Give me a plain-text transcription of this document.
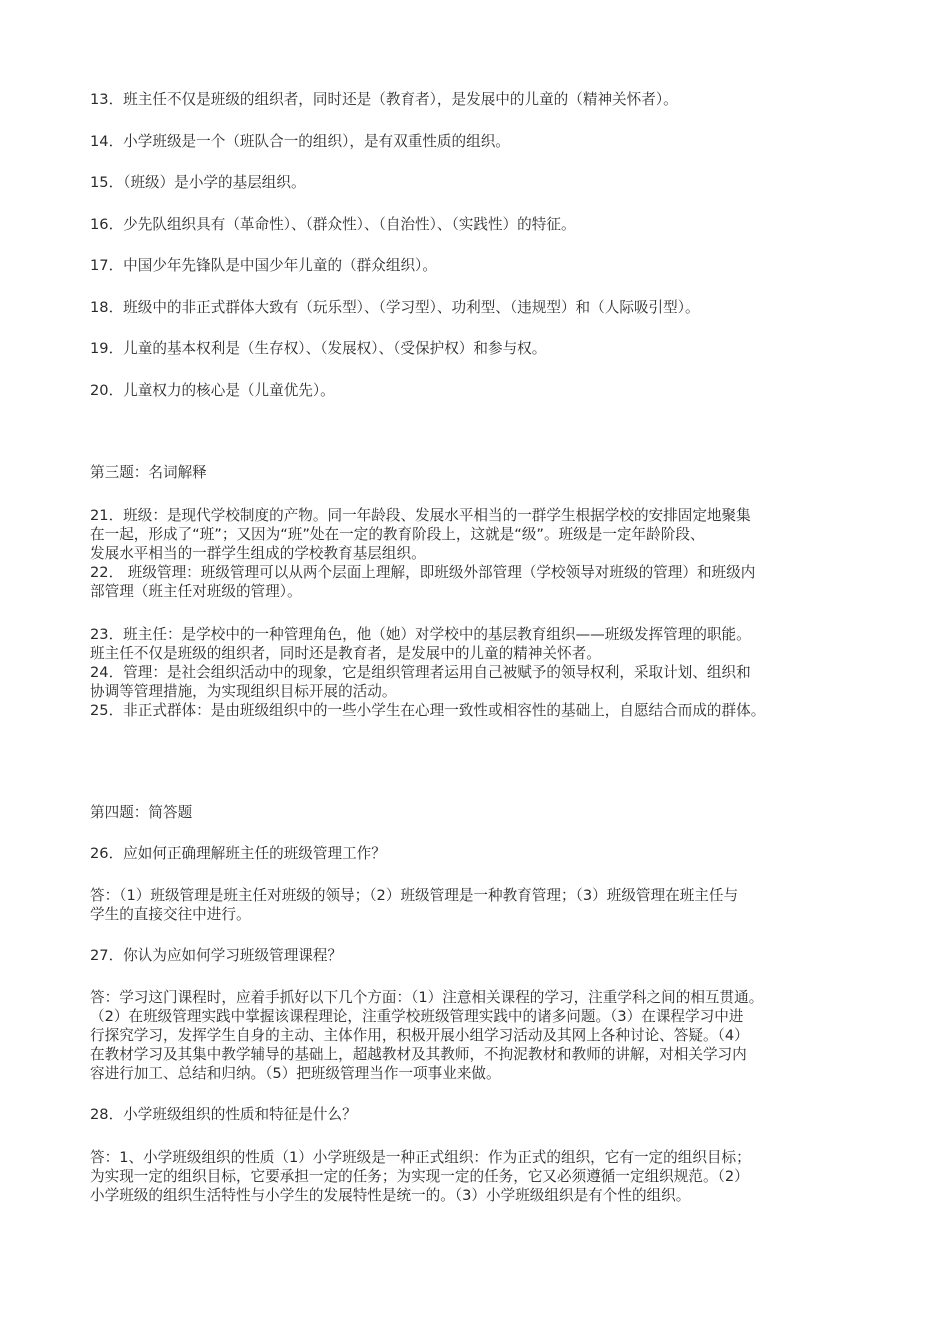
13．班主任不仅是班级的组织者，同时还是（教育者），是发展中的儿童的（精神关怀者）。
14．小学班级是一个（班队合一的组织），是有双重性质的组织。
15．（班级）是小学的基层组织。
16．少先队组织具有（革命性）、（群众性）、（自治性）、（实践性）的特征。
17．中国少年先锋队是中国少年儿童的（群众组织）。
18．班级中的非正式群体大致有（玩乐型）、（学习型）、功利型、（违规型）和（人际吸引型）。
19．儿童的基本权利是（生存权）、（发展权）、（受保护权）和参与权。
20．儿童权力的核心是（儿童优先）。
第三题：名词解释
21．班级：是现代学校制度的产物。同一年龄段、发展水平相当的一群学生根据学校的安排固定地聚集
在一起，形成了“班”；又因为“班”处在一定的教育阶段上，这就是“级”。班级是一定年龄阶段、
发展水平相当的一群学生组成的学校教育基层组织。
22． 班级管理：班级管理可以从两个层面上理解，即班级外部管理（学校领导对班级的管理）和班级内
部管理（班主任对班级的管理）。
23．班主任：是学校中的一种管理角色，他（她）对学校中的基层教育组织——班级发挥管理的职能。
班主任不仅是班级的组织者，同时还是教育者，是发展中的儿童的精神关怀者。
24．管理：是社会组织活动中的现象，它是组织管理者运用自己被赋予的领导权利，采取计划、组织和
协调等管理措施，为实现组织目标开展的活动。
25．非正式群体：是由班级组织中的一些小学生在心理一致性或相容性的基础上，自愿结合而成的群体。
第四题：简答题
26．应如何正确理解班主任的班级管理工作？
答：（1）班级管理是班主任对班级的领导；（2）班级管理是一种教育管理；（3）班级管理在班主任与
学生的直接交往中进行。
27．你认为应如何学习班级管理课程？
答：学习这门课程时，应着手抓好以下几个方面：（1）注意相关课程的学习，注重学科之间的相互贯通。
（2）在班级管理实践中掌握该课程理论，注重学校班级管理实践中的诸多问题。（3）在课程学习中进
行探究学习，发挥学生自身的主动、主体作用，积极开展小组学习活动及其网上各种讨论、答疑。（4）
在教材学习及其集中教学辅导的基础上，超越教材及其教师，不拘泥教材和教师的讲解，对相关学习内
容进行加工、总结和归纳。（5）把班级管理当作一项事业来做。
28．小学班级组织的性质和特征是什么？
答：1、小学班级组织的性质（1）小学班级是一种正式组织：作为正式的组织，它有一定的组织目标；
为实现一定的组织目标，它要承担一定的任务；为实现一定的任务，它又必须遵循一定组织规范。（2）
小学班级的组织生活特性与小学生的发展特性是统一的。（3）小学班级组织是有个性的组织。
